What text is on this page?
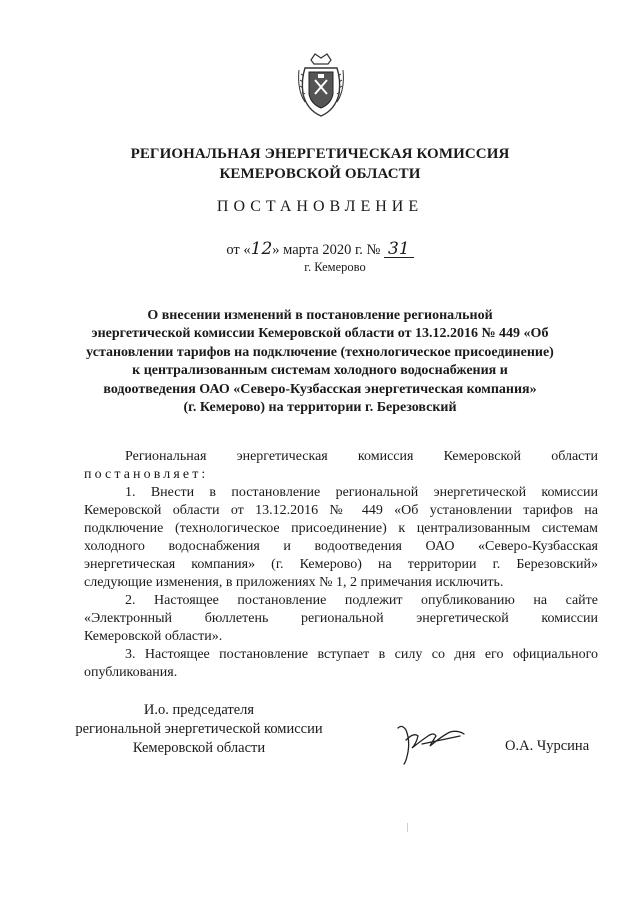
РЕГИОНАЛЬНАЯ ЭНЕРГЕТИЧЕСКАЯ КОМИССИЯ
КЕМЕРОВСКОЙ ОБЛАСТИ
ПОСТАНОВЛЕНИЕ
от «12» марта 2020 г. № 31
г. Кемерово
О внесении изменений в постановление региональной
энергетической комиссии Кемеровской области от 13.12.2016 № 449 «Об
установлении тарифов на подключение (технологическое присоединение)
к централизованным системам холодного водоснабжения и
водоотведения ОАО «Северо-Кузбасская энергетическая компания»
(г. Кемерово) на территории г. Березовский
Региональная энергетическая комиссия Кемеровской области
постановляет:
1. Внести в постановление региональной энергетической комиссии
Кемеровской области от 13.12.2016 № 449 «Об установлении тарифов на
подключение (технологическое присоединение) к централизованным системам
холодного водоснабжения и водоотведения ОАО «Северо-Кузбасская
энергетическая компания» (г. Кемерово) на территории г. Березовский»
следующие изменения, в приложениях № 1, 2 примечания исключить.
2. Настоящее постановление подлежит опубликованию на сайте
«Электронный бюллетень региональной энергетической комиссии
Кемеровской области».
3. Настоящее постановление вступает в силу со дня его официального
опубликования.
И.о. председателя
региональной энергетической комиссии
Кемеровской области	О.А. Чурсина
